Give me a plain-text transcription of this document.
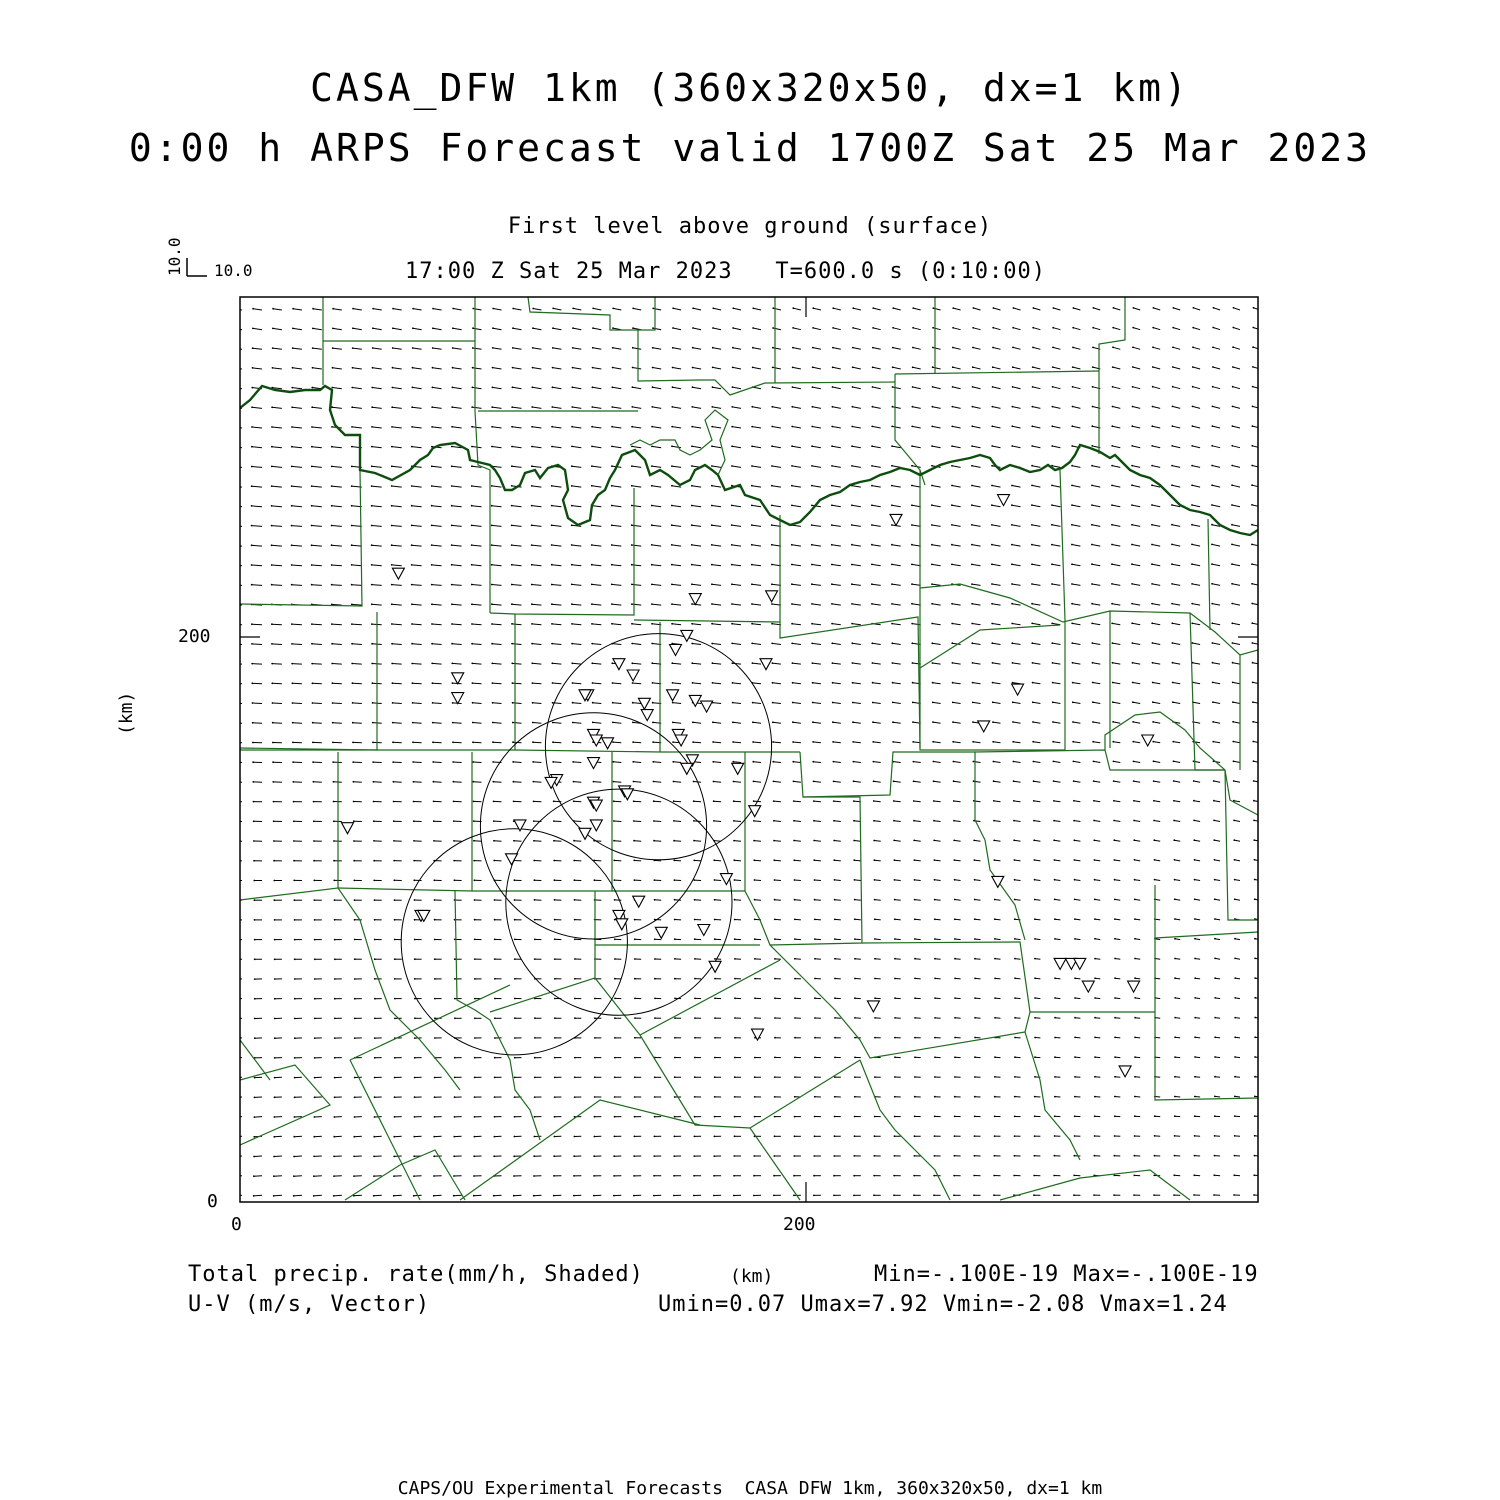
CASA_DFW 1km (360x320x50, dx=1 km)
0:00 h ARPS Forecast valid 1700Z Sat 25 Mar 2023
First level above ground (surface)
17:00 Z Sat 25 Mar 2023   T=600.0 s (0:10:00)
10.0
10.0
200
0
0	200
(km)
Total precip. rate(mm/h, Shaded)
U-V (m/s, Vector)
(km)	Min=-.100E-19 Max=-.100E-19
Umin=0.07 Umax=7.92 Vmin=-2.08 Vmax=1.24
CAPS/OU Experimental Forecasts  CASA DFW 1km, 360x320x50, dx=1 km
